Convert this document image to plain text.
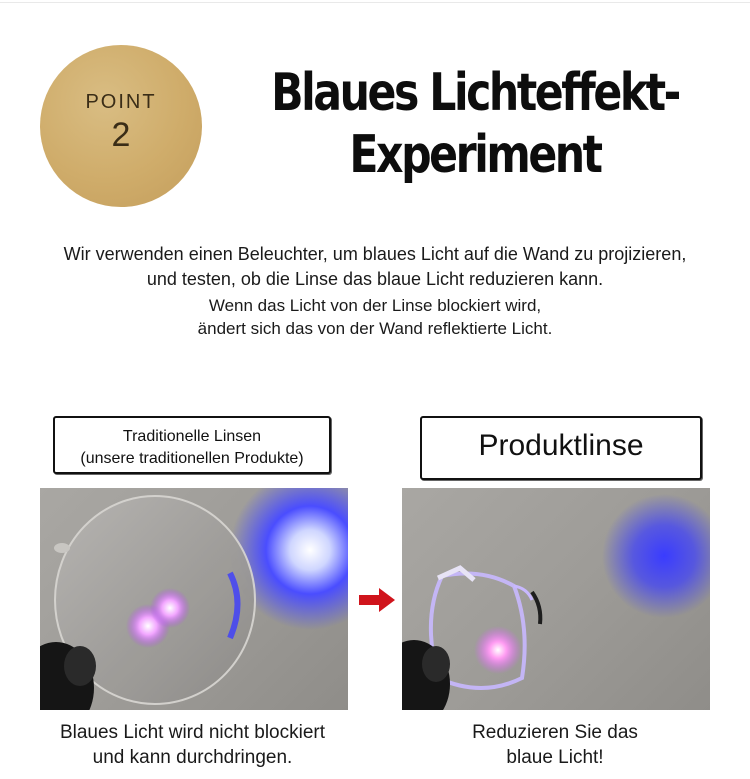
POINT
2
Blaues Lichteffekt-
Experiment
Wir verwenden einen Beleuchter, um blaues Licht auf die Wand zu projizieren,
und testen, ob die Linse das blaue Licht reduzieren kann.
Wenn das Licht von der Linse blockiert wird,
ändert sich das von der Wand reflektierte Licht.
Traditionelle Linsen
(unsere traditionellen Produkte)	Produktlinse
Blaues Licht wird nicht blockiert
und kann durchdringen.
Reduzieren Sie das
blaue Licht!
